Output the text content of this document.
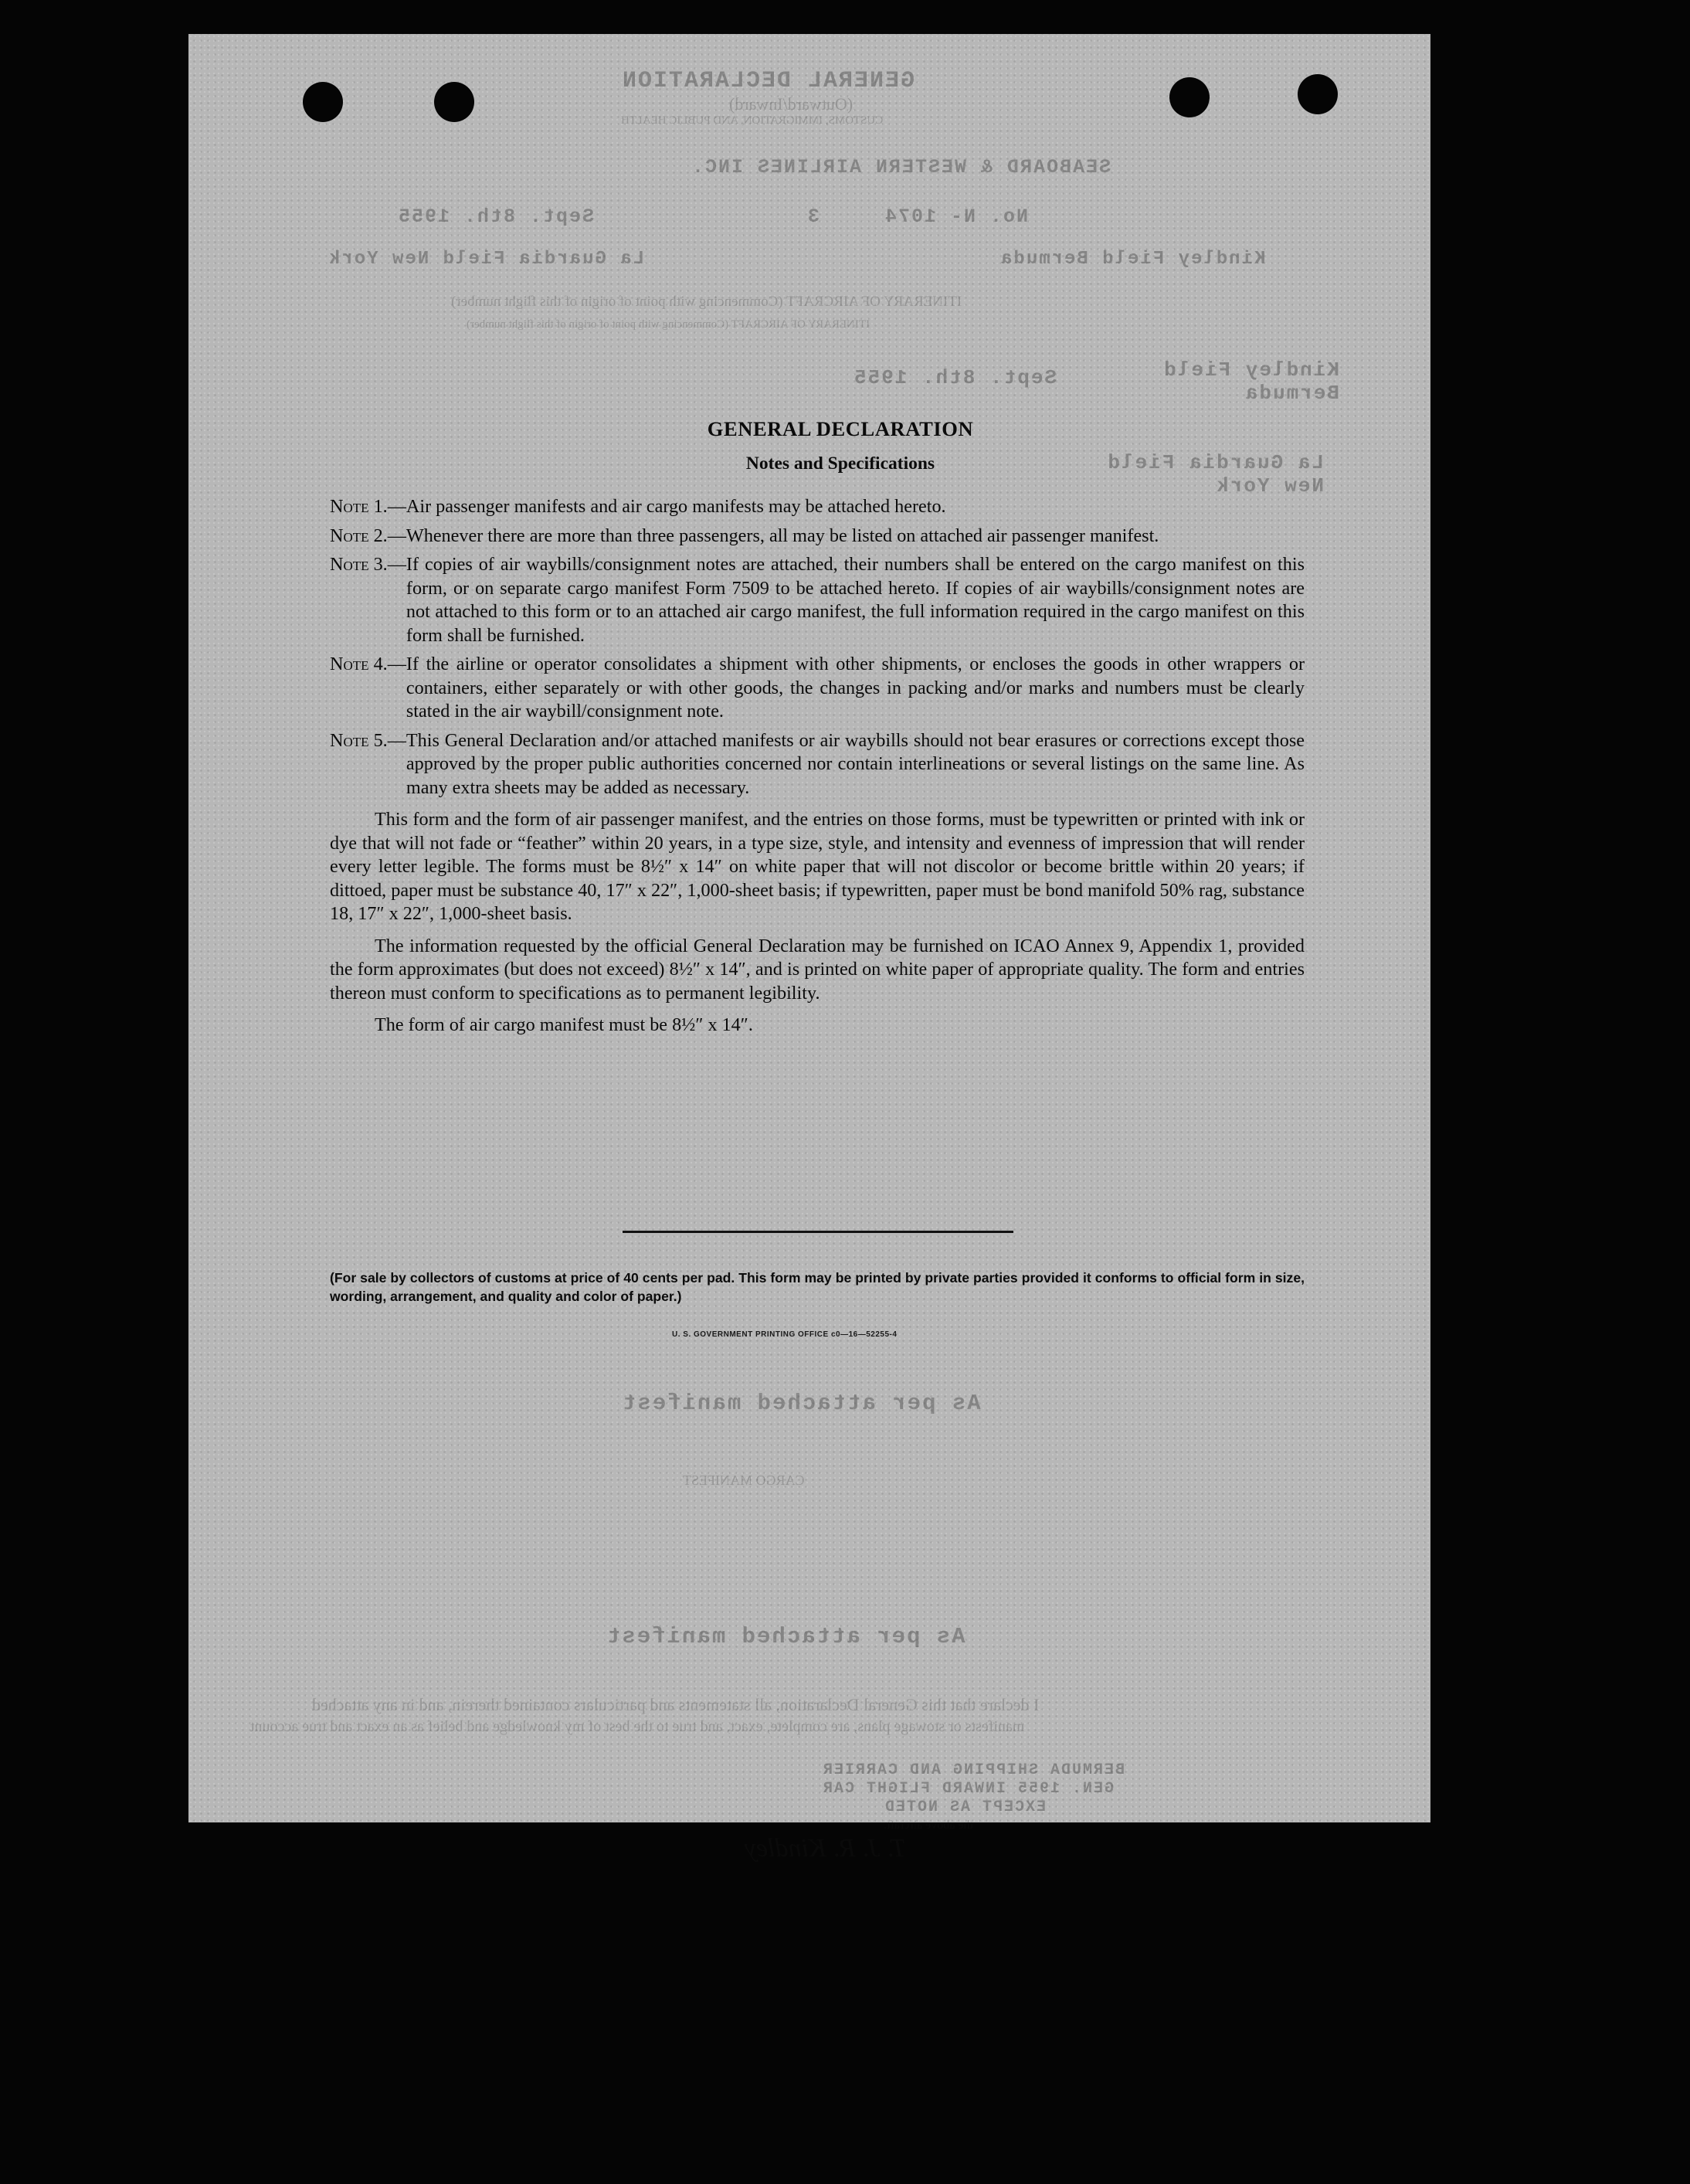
GENERAL DECLARATION
(Outward/Inward)
CUSTOMS, IMMIGRATION, AND PUBLIC HEALTH
SEABOARD & WESTERN AIRLINES INC.
No. N- 1074
3
Sept. 8th. 1955
Kindley Field Bermuda
La Guardia Field New York
ITINERARY OF AIRCRAFT (Commencing with point of origin of this flight number)
ITINERARY OF AIRCRAFT (Commencing with point of origin of this flight number)
Kindley Field Bermuda
Sept. 8th. 1955
La Guardia Field New York
As per attached manifest
CARGO MANIFEST
As per attached manifest
I declare that this General Declaration, all statements and particulars contained therein, and in any attached
manifests or stowage plans, are complete, exact, and true to the best of my knowledge and belief as an exact and true account
BERMUDA SHIPPING AND CARRIER
GEN. 1955 INWARD FLIGHT CAR
EXCEPT AS NOTED
the above aircraft.
T. J. R. Kindley
GENERAL DECLARATION
Notes and Specifications
Note 1.— Air passenger manifests and air cargo manifests may be attached hereto.
Note 2.— Whenever there are more than three passengers, all may be listed on attached air passenger manifest.
Note 3.— If copies of air waybills/consignment notes are attached, their numbers shall be entered on the cargo manifest on this form, or on separate cargo manifest Form 7509 to be attached hereto. If copies of air waybills/consignment notes are not attached to this form or to an attached air cargo manifest, the full information required in the cargo manifest on this form shall be furnished.
Note 4.— If the airline or operator consolidates a shipment with other shipments, or encloses the goods in other wrappers or containers, either separately or with other goods, the changes in packing and/or marks and numbers must be clearly stated in the air waybill/consignment note.
Note 5.— This General Declaration and/or attached manifests or air waybills should not bear erasures or corrections except those approved by the proper public authorities concerned nor contain interlineations or several listings on the same line. As many extra sheets may be added as necessary.

This form and the form of air passenger manifest, and the entries on those forms, must be typewritten or printed with ink or dye that will not fade or “feather” within 20 years, in a type size, style, and intensity and evenness of impression that will render every letter legible. The forms must be 8½″ x 14″ on white paper that will not discolor or become brittle within 20 years; if dittoed, paper must be substance 40, 17″ x 22″, 1,000-sheet basis; if typewritten, paper must be bond manifold 50% rag, substance 18, 17″ x 22″, 1,000-sheet basis.

The information requested by the official General Declaration may be furnished on ICAO Annex 9, Appendix 1, provided the form approximates (but does not exceed) 8½″ x 14″, and is printed on white paper of appropriate quality. The form and entries thereon must conform to specifications as to permanent legibility.

The form of air cargo manifest must be 8½″ x 14″.

(For sale by collectors of customs at price of 40 cents per pad. This form may be printed by private parties provided it conforms to official form in size, wording, arrangement, and quality and color of paper.)
U. S. GOVERNMENT PRINTING OFFICE c0—16—52255-4
